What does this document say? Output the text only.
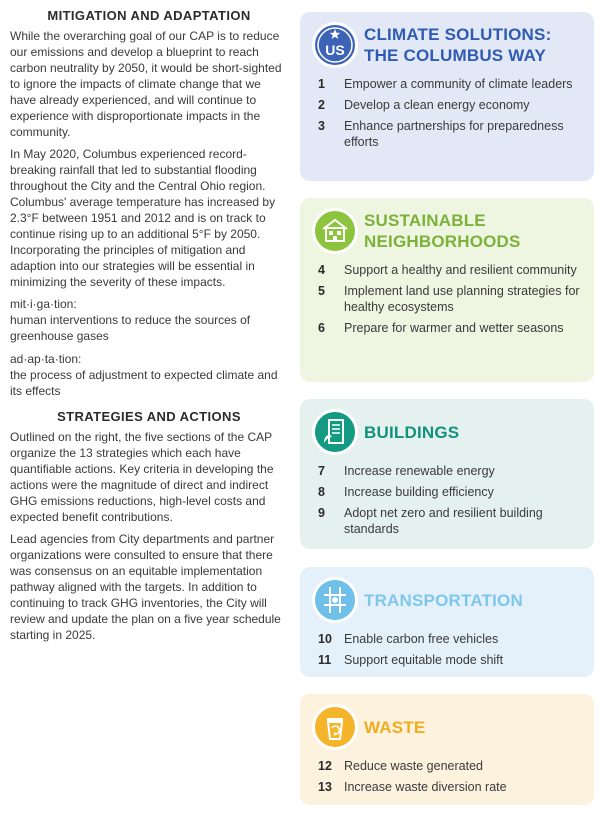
MITIGATION AND ADAPTATION

While the overarching goal of our CAP is to reduce our emissions and develop a blueprint to reach carbon neutrality by 2050, it would be short-sighted to ignore the impacts of climate change that we have already experienced, and will continue to experience with disproportionate impacts in the community.

In May 2020, Columbus experienced record-breaking rainfall that led to substantial flooding throughout the City and the Central Ohio region. Columbus' average temperature has increased by 2.3°F between 1951 and 2012 and is on track to continue rising up to an additional 5°F by 2050. Incorporating the principles of mitigation and adaption into our strategies will be essential in minimizing the severity of these impacts.

mit·i·ga·tion:
human interventions to reduce the sources of greenhouse gases
ad·ap·ta·tion:
the process of adjustment to expected climate and its effects
STRATEGIES AND ACTIONS

Outlined on the right, the five sections of the CAP organize the 13 strategies which each have quantifiable actions. Key criteria in developing the actions were the magnitude of direct and indirect GHG emissions reductions, high-level costs and expected benefit contributions.

Lead agencies from City departments and partner organizations were consulted to ensure that there was consensus on an equitable implementation pathway aligned with the targets. In addition to continuing to track GHG inventories, the City will review and update the plan on a five year schedule starting in 2025.

US
CLIMATE SOLUTIONS:
THE COLUMBUS WAY
1	Empower a community of climate leaders
2	Develop a clean energy economy
3	Enhance partnerships for preparedness efforts
SUSTAINABLE
NEIGHBORHOODS
4	Support a healthy and resilient community
5	Implement land use planning strategies for healthy ecosystems
6	Prepare for warmer and wetter seasons
BUILDINGS
7	Increase renewable energy
8	Increase building efficiency
9	Adopt net zero and resilient building standards
TRANSPORTATION
10 Enable carbon free vehicles
11	Support equitable mode shift
WASTE
12 Reduce waste generated
13 Increase waste diversion rate
